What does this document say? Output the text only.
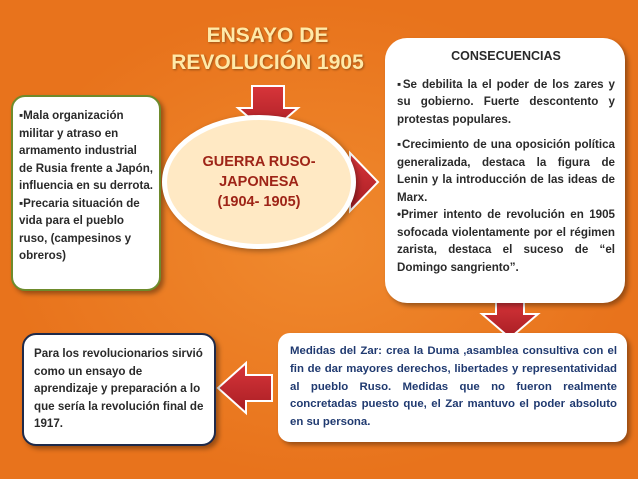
ENSAYO DE
REVOLUCIÓN 1905
▪Mala organización militar y atraso en armamento industrial de Rusia frente a Japón, influencia en su derrota.
▪Precaria situación de vida para el pueblo ruso, (campesinos y obreros)
GUERRA RUSO-
JAPONESA
(1904- 1905)
CONSECUENCIAS
▪Se debilita la el poder de los zares y su gobierno. Fuerte descontento y protestas populares.
▪Crecimiento de una oposición política generalizada, destaca la figura de Lenin y la introducción de las ideas de Marx.
•Primer intento de revolución en 1905 sofocada violentamente por el régimen zarista, destaca el suceso de “el Domingo sangriento”.
Para los revolucionarios sirvió como un ensayo de aprendizaje y preparación a lo que sería la revolución final de 1917.
Medidas del Zar: crea la Duma ,asamblea consultiva con el fin de dar mayores derechos, libertades y representatividad al pueblo Ruso. Medidas que no fueron realmente concretadas puesto que, el Zar mantuvo el poder absoluto en su persona.
